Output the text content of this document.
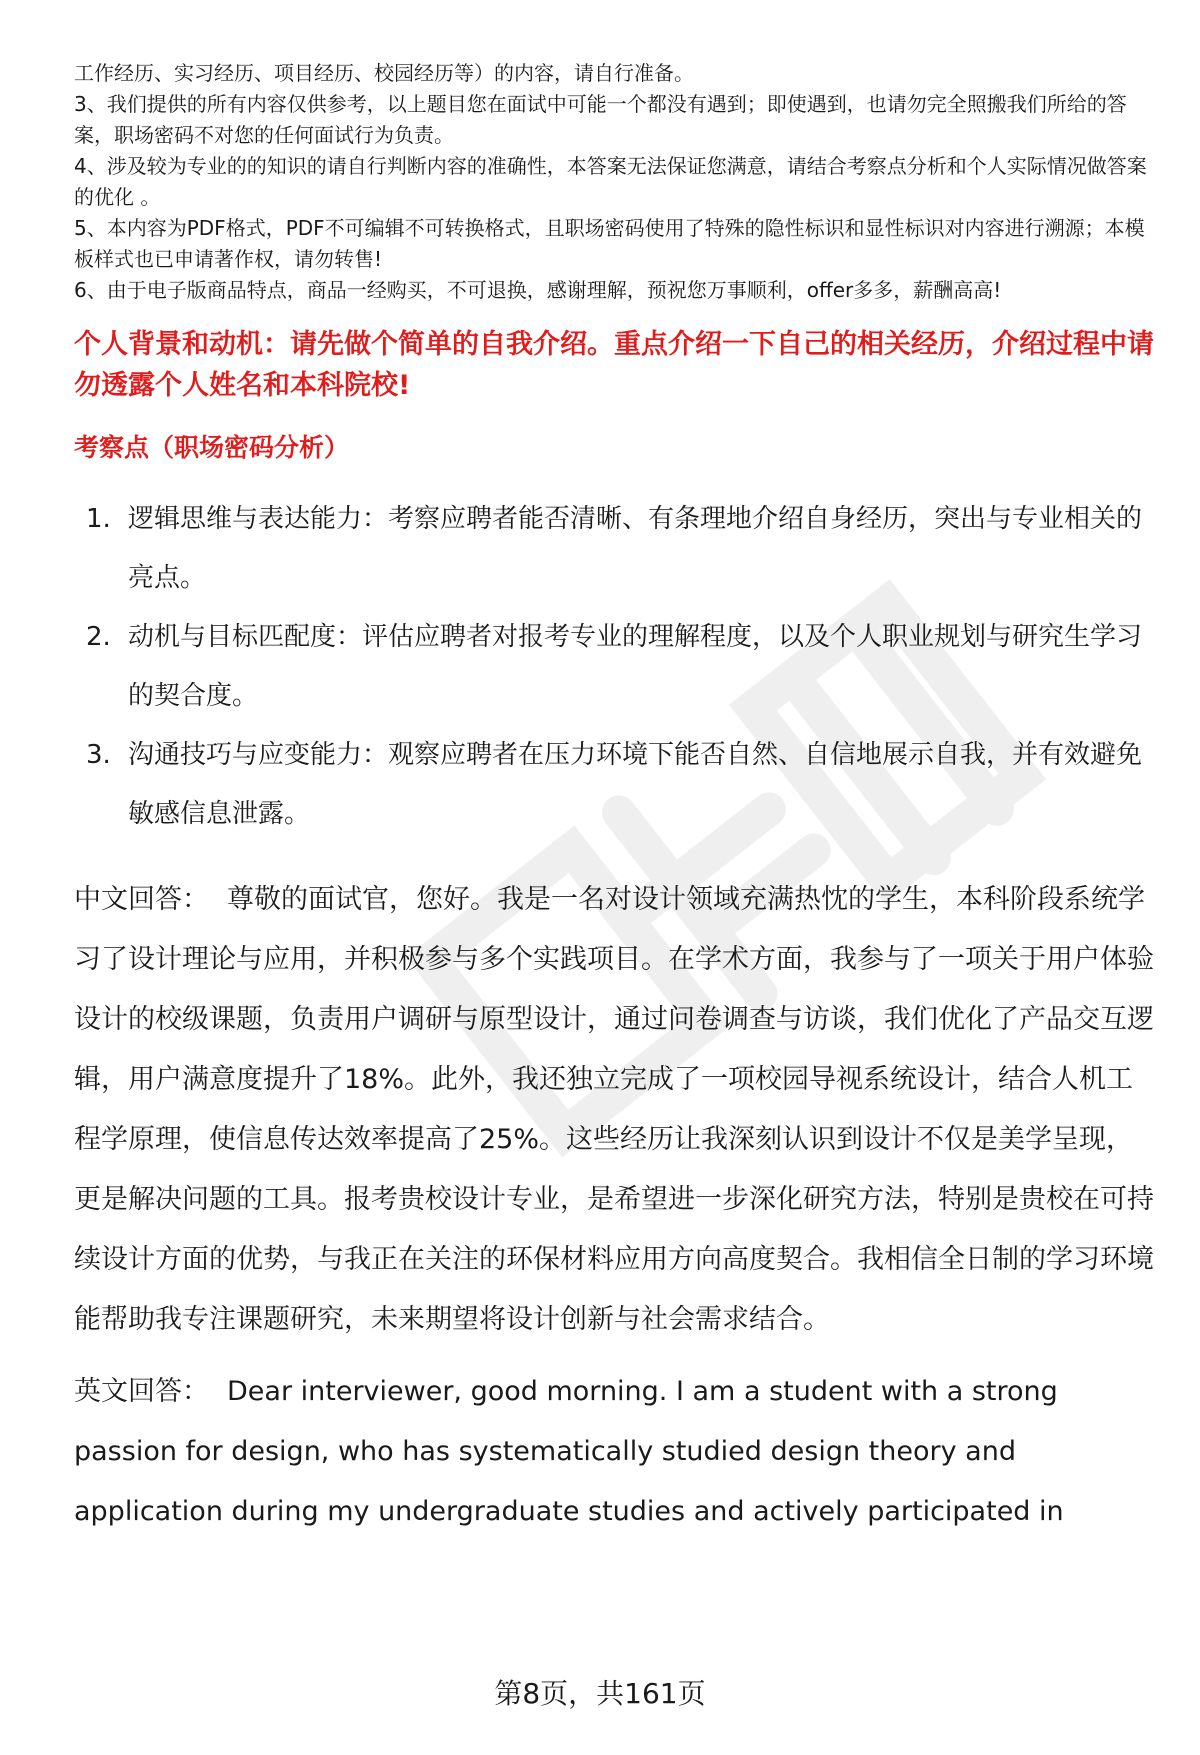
工作经历、实习经历、项目经历、校园经历等）的内容，请自行准备。

3、我们提供的所有内容仅供参考，以上题目您在面试中可能一个都没有遇到；即使遇到，也请勿完全照搬我们所给的答案，职场密码不对您的任何面试行为负责。

4、涉及较为专业的的知识的请自行判断内容的准确性，本答案无法保证您满意，请结合考察点分析和个人实际情况做答案的优化 。

5、本内容为PDF格式，PDF不可编辑不可转换格式，且职场密码使用了特殊的隐性标识和显性标识对内容进行溯源；本模板样式也已申请著作权，请勿转售!

6、由于电子版商品特点，商品一经购买，不可退换，感谢理解，预祝您万事顺利，offer多多，薪酬高高!

个人背景和动机：请先做个简单的自我介绍。重点介绍一下自己的相关经历，介绍过程中请勿透露个人姓名和本科院校!

考察点（职场密码分析）

1. 逻辑思维与表达能力：考察应聘者能否清晰、有条理地介绍自身经历，突出与专业相关的亮点。
2. 动机与目标匹配度：评估应聘者对报考专业的理解程度，以及个人职业规划与研究生学习的契合度。
3. 沟通技巧与应变能力：观察应聘者在压力环境下能否自然、自信地展示自我，并有效避免敏感信息泄露。

中文回答： 尊敬的面试官，您好。我是一名对设计领域充满热忱的学生，本科阶段系统学习了设计理论与应用，并积极参与多个实践项目。在学术方面，我参与了一项关于用户体验设计的校级课题，负责用户调研与原型设计，通过问卷调查与访谈，我们优化了产品交互逻辑，用户满意度提升了18%。此外，我还独立完成了一项校园导视系统设计，结合人机工程学原理，使信息传达效率提高了25%。这些经历让我深刻认识到设计不仅是美学呈现，更是解决问题的工具。报考贵校设计专业，是希望进一步深化研究方法，特别是贵校在可持续设计方面的优势，与我正在关注的环保材料应用方向高度契合。我相信全日制的学习环境能帮助我专注课题研究，未来期望将设计创新与社会需求结合。

英文回答： Dear interviewer, good morning. I am a student with a strong passion for design, who has systematically studied design theory and application during my undergraduate studies and actively participated in

第8页，共161页
